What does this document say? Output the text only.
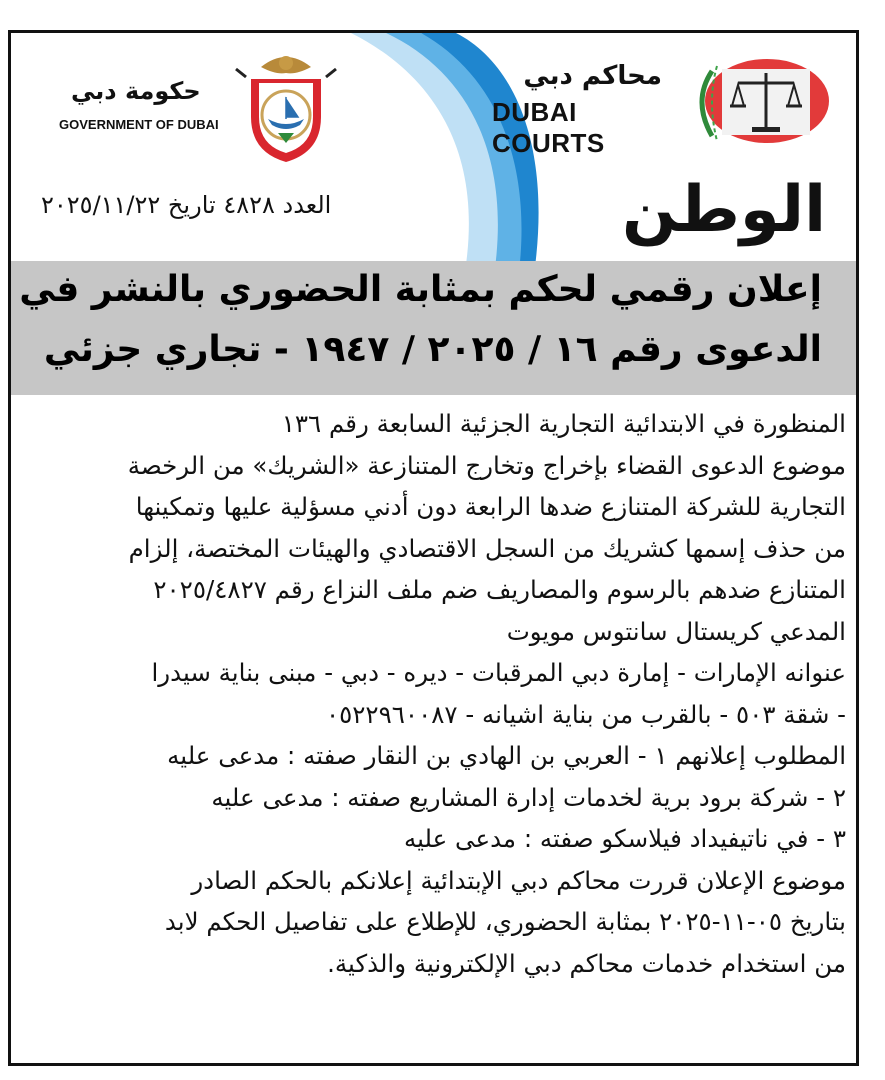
محاكم دبي
DUBAI COURTS
حكومة دبي
GOVERNMENT OF DUBAI
العدد ٤٨٢٨ تاريخ ٢٠٢٥/١١/٢٢	الوطن
إعلان رقمي لحكم بمثابة الحضوري بالنشر في
الدعوى رقم ١٦ / ٢٠٢٥ / ١٩٤٧ - تجاري جزئي

المنظورة في الابتدائية التجارية الجزئية السابعة رقم ١٣٦

موضوع الدعوى القضاء بإخراج وتخارج المتنازعة «الشريك» من الرخصة

التجارية للشركة المتنازع ضدها الرابعة دون أدني مسؤلية عليها وتمكينها

من حذف إسمها كشريك من السجل الاقتصادي والهيئات المختصة، إلزام

المتنازع ضدهم بالرسوم والمصاريف ضم ملف النزاع رقم ٢٠٢٥/٤٨٢٧

المدعي كريستال سانتوس مويوت

عنوانه الإمارات - إمارة دبي المرقبات - ديره - دبي - مبنى بناية سيدرا

- شقة ٥٠٣ - بالقرب من بناية اشيانه - ٠٥٢٢٩٦٠٠٨٧

المطلوب إعلانهم ١ - العربي بن الهادي بن النقار صفته : مدعى عليه

٢ - شركة برود برية لخدمات إدارة المشاريع صفته : مدعى عليه

٣ - في ناتيفيداد فيلاسكو صفته : مدعى عليه

موضوع الإعلان قررت محاكم دبي الإبتدائية إعلانكم بالحكم الصادر

بتاريخ ٠٥-١١-٢٠٢٥ بمثابة الحضوري، للإطلاع على تفاصيل الحكم لابد

من استخدام خدمات محاكم دبي الإلكترونية والذكية.
